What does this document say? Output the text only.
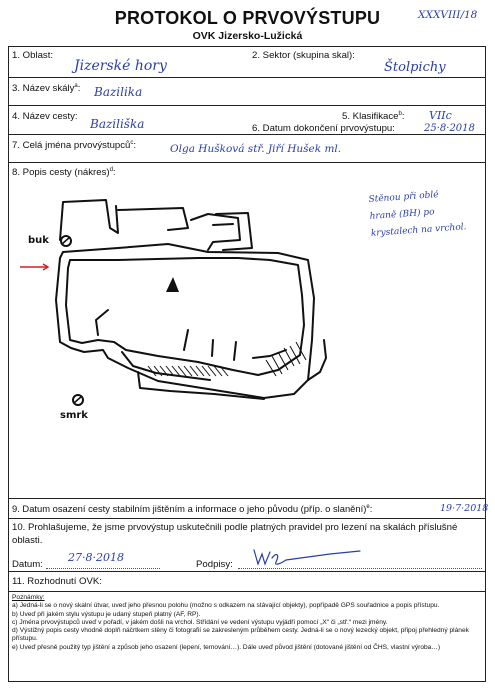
PROTOKOL O PRVOVÝSTUPU
OVK Jizersko-Lužická
XXXVIII/18
1. Oblast:
Jizerské hory
2. Sektor (skupina skal):
Štolpichy
3. Název skály$^a$: Bazilika
4. Název cesty:
Baziliška
5. Klasifikace$^b$: VIIc
6. Datum dokončení prvovýstupu:	25·8·2018
7. Celá jména prvovýstupců$^c$:	Olga Hušková stř. Jiří Hušek ml.
8. Popis cesty (nákres)$^d$:
buk
smrk
Stěnou při oblé
hraně (BH) po
krystalech na vrchol.
9. Datum osazení cesty stabilním jištěním a informace o jeho původu (příp. o slanění)$^e$:	19·7·2018
10. Prohlašujeme, že jsme prvovýstup uskutečnili podle platných pravidel pro lezení na skalách příslušné oblasti.
Datum:
27·8·2018
Podpisy:
11. Rozhodnutí OVK:
Poznámky:
a) Jedná-li se o nový skalní útvar, uveď jeho přesnou polohu (možno s odkazem na stávající objekty), popřípadě GPS souřadnice a popis přístupu.
b) Uveď při jakém stylu výstupu je udaný stupeň platný (AF, RP).
c) Jména prvovýstupců uveď v pořadí, v jakém došli na vrchol. Střídání ve vedení výstupu vyjádři pomocí „X“ či „stř.“ mezi jmény.
d) Výstižný popis cesty vhodně doplň náčrtkem stěny či fotografií se zakresleným průběhem cesty. Jedná-li se o nový lezecký objekt, připoj přehledný plánek přístupu.
e) Uveď přesně použitý typ jištění a způsob jeho osazení (lepení, temování…). Dále uveď původ jištění (dotované jištění od ČHS, vlastní výroba…)
